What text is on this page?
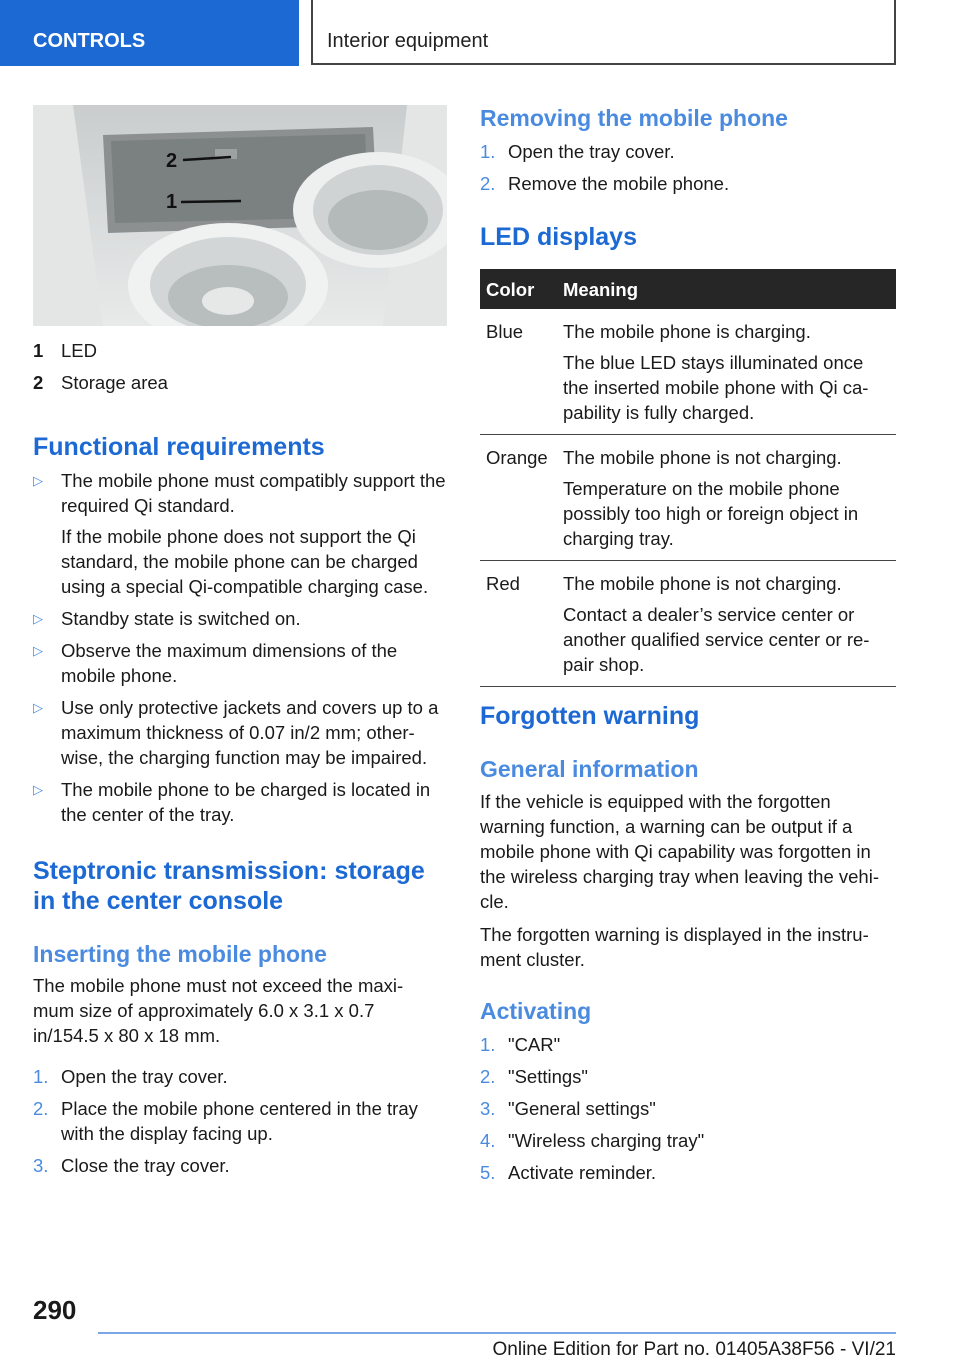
CONTROLS	Interior equipment
2
1
1 LED
2 Storage area
Functional requirements
▷ The mobile phone must compatibly support the required Qi standard.

If the mobile phone does not support the Qi standard, the mobile phone can be charged using a special Qi-compatible charging case.

▷ Standby state is switched on.

▷ Observe the maximum dimensions of the mobile phone.

▷ Use only protective jackets and covers up to a maximum thickness of 0.07 in/2 mm; otherwise, the charging function may be impaired.

▷ The mobile phone to be charged is located in the center of the tray.

Steptronic transmission: storage in the center console
Inserting the mobile phone

The mobile phone must not exceed the maximum size of approximately 6.0 x 3.1 x 0.7 in/154.5 x 80 x 18 mm.

1. Open the tray cover.
2. Place the mobile phone centered in the tray with the display facing up.
3. Close the tray cover.
Removing the mobile phone
1. Open the tray cover.
2. Remove the mobile phone.
LED displays
Color	Meaning
Blue	The mobile phone is charging.

The blue LED stays illuminated once the inserted mobile phone with Qi capability is fully charged.

Orange	The mobile phone is not charging.

Temperature on the mobile phone possibly too high or foreign object in charging tray.

Red	The mobile phone is not charging.

Contact a dealer’s service center or another qualified service center or repair shop.

Forgotten warning
General information

If the vehicle is equipped with the forgotten warning function, a warning can be output if a mobile phone with Qi capability was forgotten in the wireless charging tray when leaving the vehicle.

The forgotten warning is displayed in the instrument cluster.

Activating
1. "CAR"
2. "Settings"
3. "General settings"
4. "Wireless charging tray"
5. Activate reminder.
290
Online Edition for Part no. 01405A38F56 - VI/21
